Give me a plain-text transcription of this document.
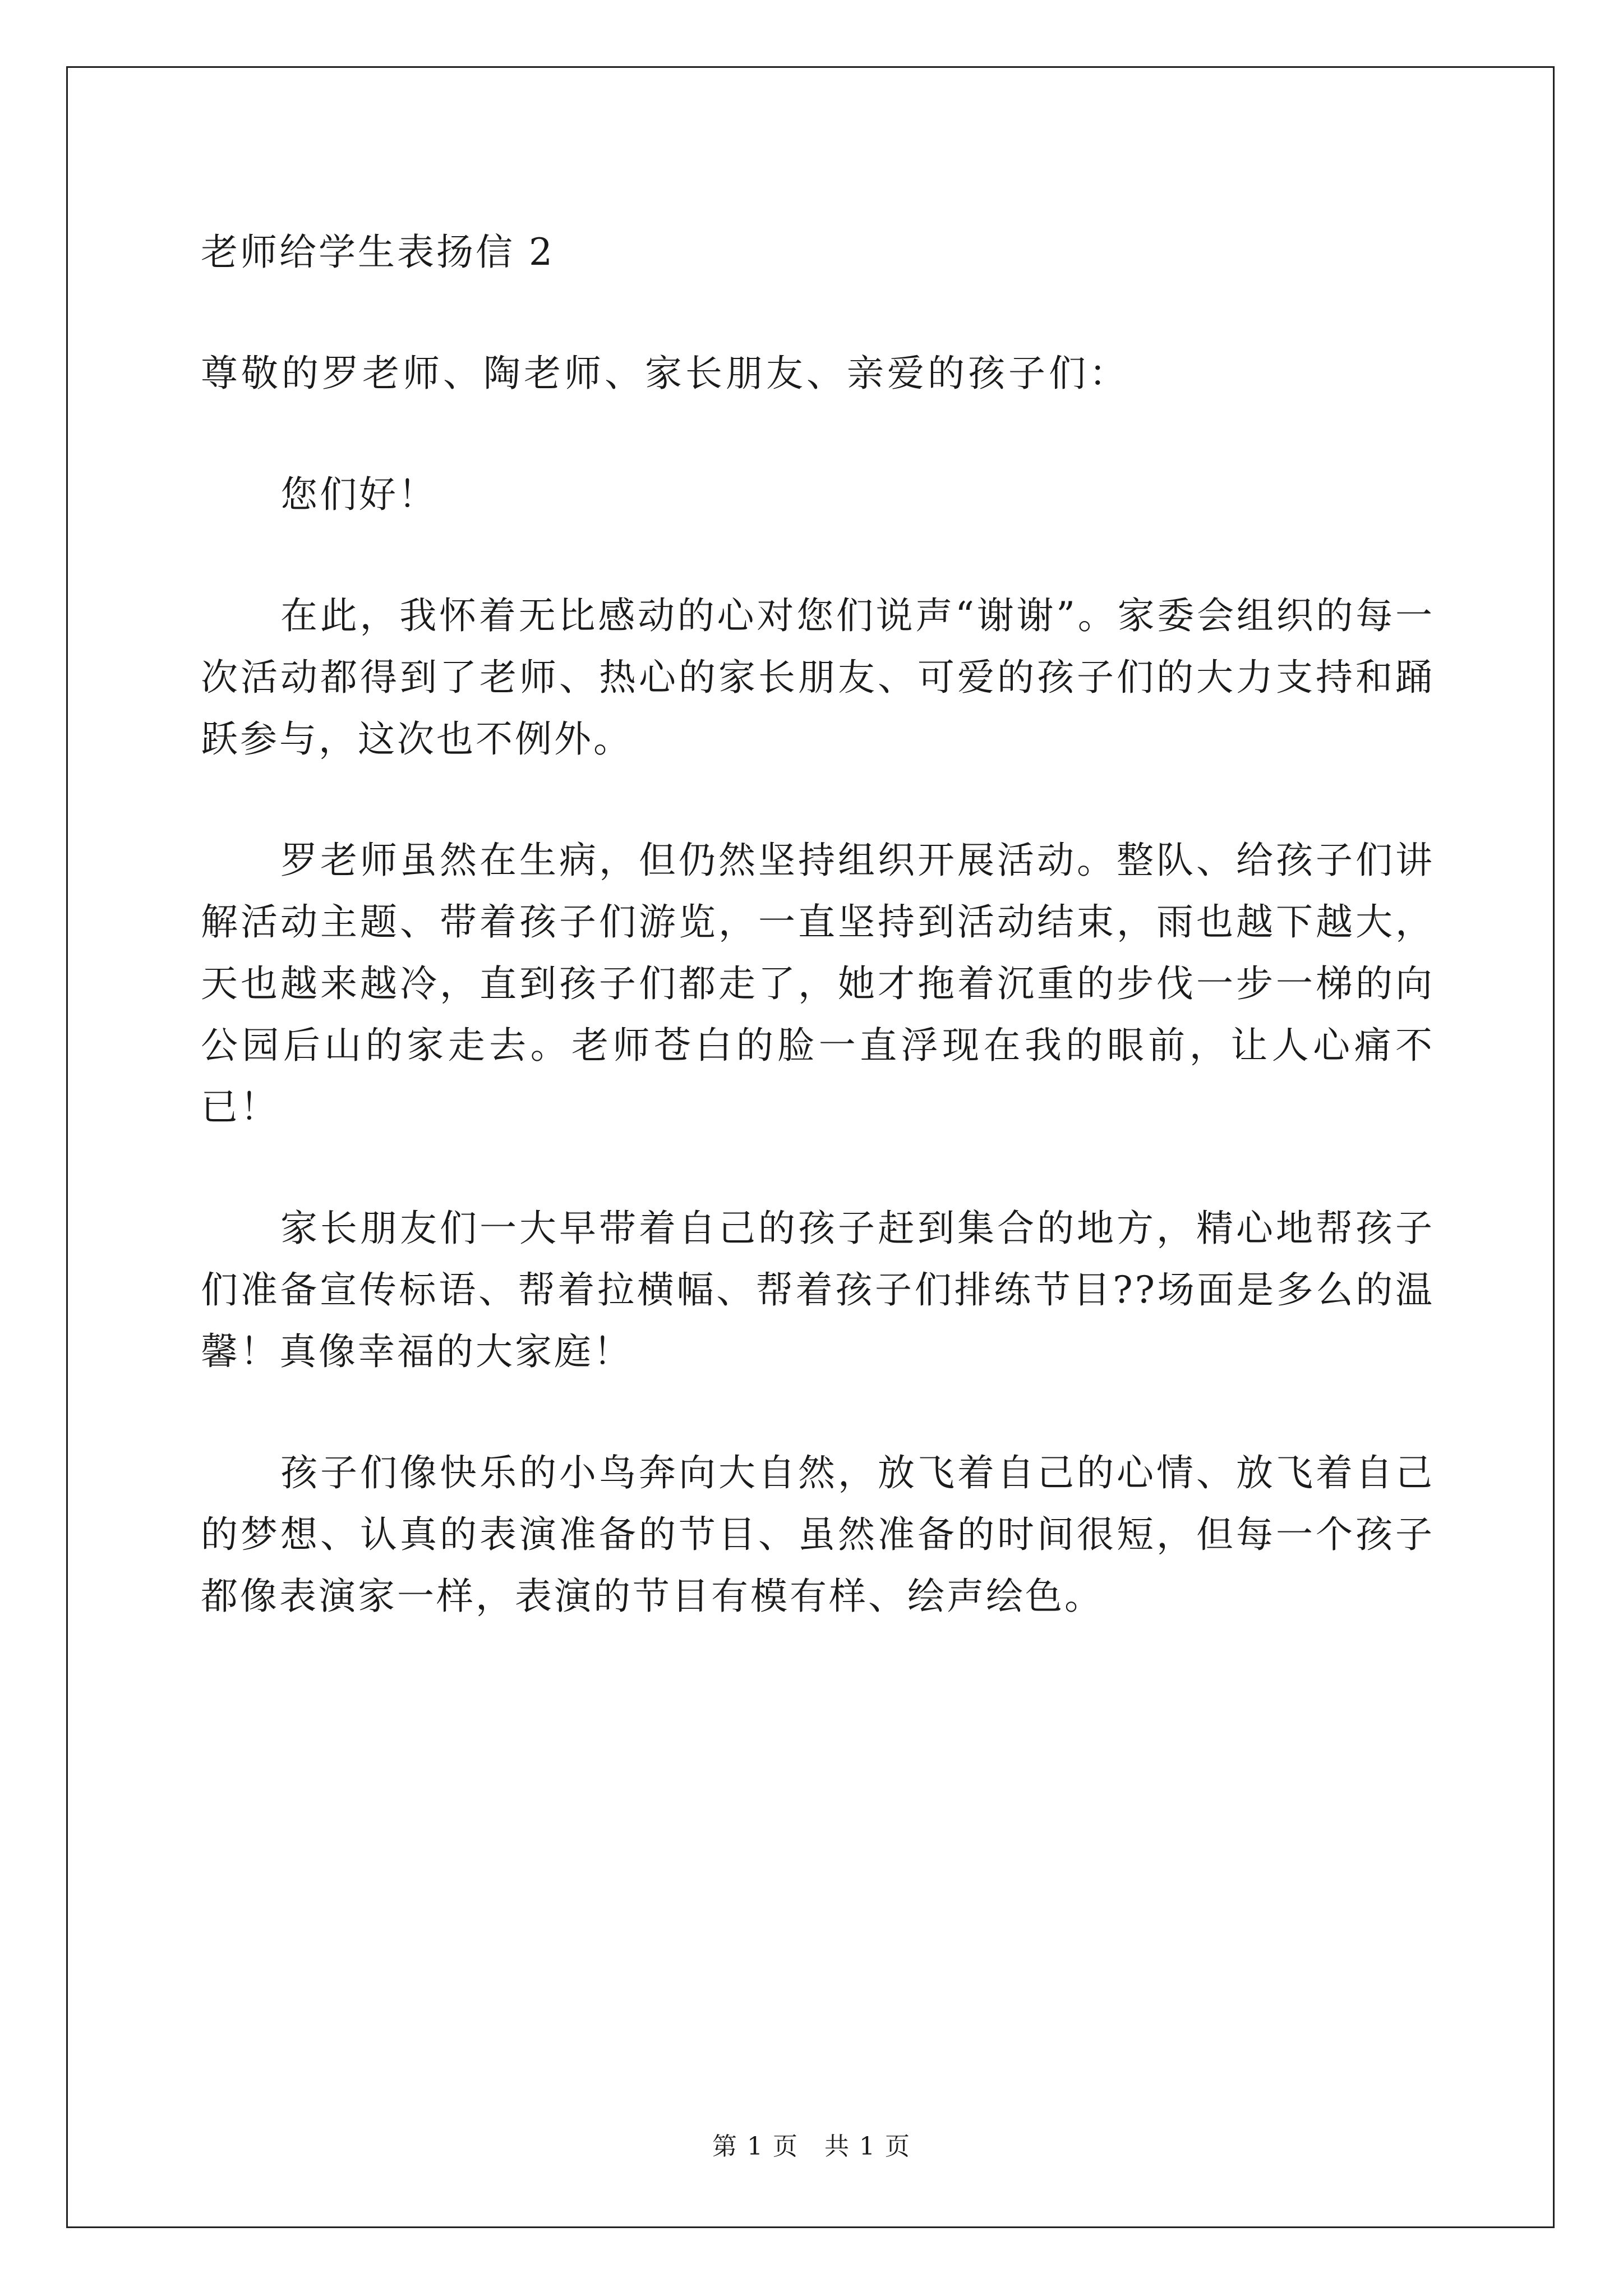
老师给学生表扬信 2
尊敬的罗老师、陶老师、家长朋友、亲爱的孩子们：

您们好！

在此，我怀着无比感动的心对您们说声“谢谢”。家委会组织的每一次活动都得到了老师、热心的家长朋友、可爱的孩子们的大力支持和踊跃参与，这次也不例外。

罗老师虽然在生病，但仍然坚持组织开展活动。整队、给孩子们讲解活动主题、带着孩子们游览，一直坚持到活动结束，雨也越下越大，天也越来越冷，直到孩子们都走了，她才拖着沉重的步伐一步一梯的向公园后山的家走去。老师苍白的脸一直浮现在我的眼前，让人心痛不已！

家长朋友们一大早带着自己的孩子赶到集合的地方，精心地帮孩子们准备宣传标语、帮着拉横幅、帮着孩子们排练节目??场面是多么的温馨！真像幸福的大家庭！

孩子们像快乐的小鸟奔向大自然，放飞着自己的心情、放飞着自己的梦想、认真的表演准备的节目、虽然准备的时间很短，但每一个孩子都像表演家一样，表演的节目有模有样、绘声绘色。

第 1 页　共 1 页
